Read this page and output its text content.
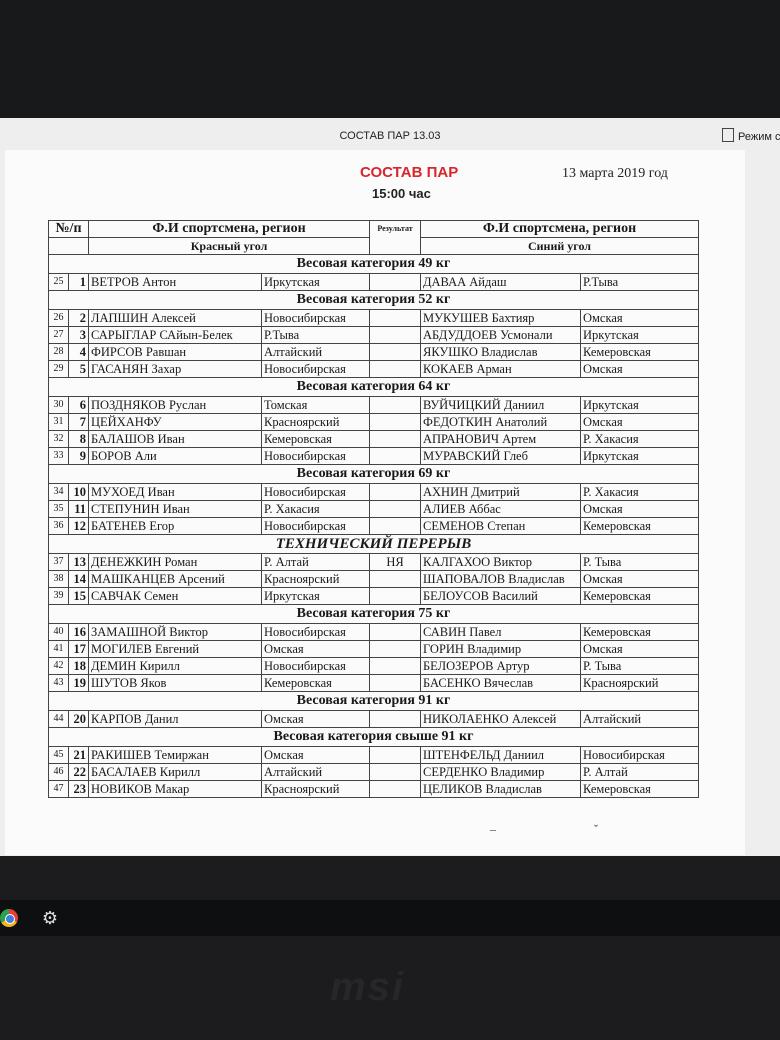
СОСТАВ ПАР 13.03	Режим с
СОСТАВ ПАР	13 марта 2019 год
15:00 час
№/п		Ф.И спортсмена, регион		Результат	Ф.И спортсмена, регион	
		Красный угол			Синий угол	
Весовая категория 49 кг						
25	1	ВЕТРОВ Антон	Иркутская		ДАВАА Айдаш	Р.Тыва
Весовая категория 52 кг						
26	2	ЛАПШИН Алексей	Новосибирская		МУКУШЕВ Бахтияр	Омская
27	3	САРЫГЛАР САйын-Белек	Р.Тыва		АБДУДДОЕВ Усмонали	Иркутская
28	4	ФИРСОВ Равшан	Алтайский		ЯКУШКО Владислав	Кемеровская
29	5	ГАСАНЯН Захар	Новосибирская		КОКАЕВ Арман	Омская
Весовая категория 64 кг						
30	6	ПОЗДНЯКОВ Руслан	Томская		ВУЙЧИЦКИЙ Даниил	Иркутская
31	7	ЦЕЙХАНФУ	Красноярский		ФЕДОТКИН Анатолий	Омская
32	8	БАЛАШОВ Иван	Кемеровская		АПРАНОВИЧ Артем	Р. Хакасия
33	9	БОРОВ Али	Новосибирская		МУРАВСКИЙ Глеб	Иркутская
Весовая категория 69 кг						
34	10	МУХОЕД Иван	Новосибирская		АХНИН Дмитрий	Р. Хакасия
35	11	СТЕПУНИН Иван	Р. Хакасия		АЛИЕВ Аббас	Омская
36	12	БАТЕНЕВ Егор	Новосибирская		СЕМЕНОВ Степан	Кемеровская
ТЕХНИЧЕСКИЙ ПЕРЕРЫВ						
37	13	ДЕНЕЖКИН Роман	Р. Алтай	НЯ	КАЛГАХОО Виктор	Р. Тыва
38	14	МАШКАНЦЕВ Арсений	Красноярский		ШАПОВАЛОВ Владислав	Омская
39	15	САВЧАК Семен	Иркутская		БЕЛОУСОВ Василий	Кемеровская
Весовая категория 75 кг						
40	16	ЗАМАШНОЙ Виктор	Новосибирская		САВИН Павел	Кемеровская
41	17	МОГИЛЕВ Евгений	Омская		ГОРИН Владимир	Омская
42	18	ДЕМИН Кирилл	Новосибирская		БЕЛОЗЕРОВ Артур	Р. Тыва
43	19	ШУТОВ Яков	Кемеровская		БАСЕНКО Вячеслав	Красноярский
Весовая категория 91 кг						
44	20	КАРПОВ Данил	Омская		НИКОЛАЕНКО Алексей	Алтайский
Весовая категория свыше 91 кг						
45	21	РАКИШЕВ Темиржан	Омская		ШТЕНФЕЛЬД Даниил	Новосибирская
46	22	БАСАЛАЕВ Кирилл	Алтайский		СЕРДЕНКО Владимир	Р. Алтай
47	23	НОВИКОВ Макар	Красноярский		ЦЕЛИКОВ Владислав	Кемеровская
–	ˇ
⚙
msi
